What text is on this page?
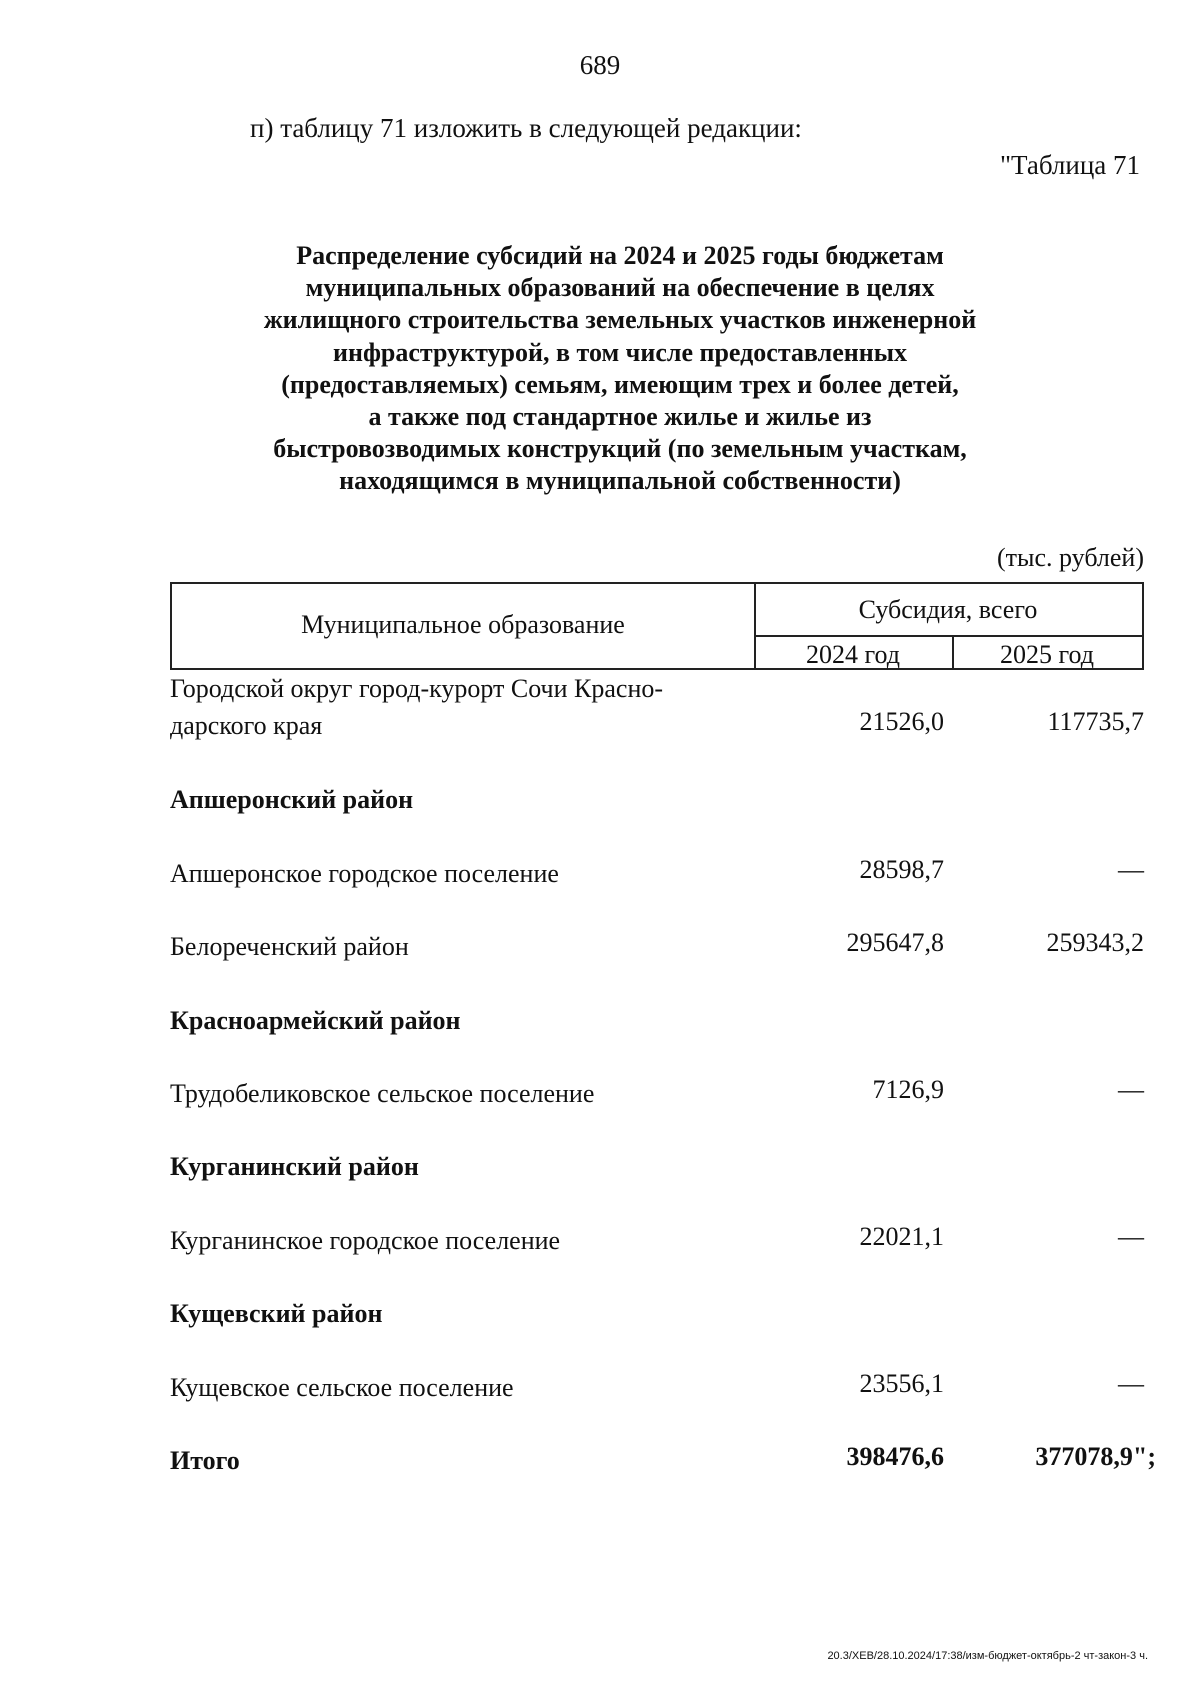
689
п) таблицу 71 изложить в следующей редакции:
"Таблица 71
Распределение субсидий на 2024 и 2025 годы бюджетам
муниципальных образований на обеспечение в целях
жилищного строительства земельных участков инженерной
инфраструктурой, в том числе предоставленных
(предоставляемых) семьям, имеющим трех и более детей,
а также под стандартное жилье и жилье из
быстровозводимых конструкций (по земельным участкам,
находящимся в муниципальной собственности)
(тыс. рублей)
Муниципальное образование
Субсидия, всего
2024 год	2025 год
Городской округ город-курорт Сочи Красно-
дарского края	21526,0	117735,7
Апшеронский район
Апшеронское городское поселение	28598,7	—
Белореченский район	295647,8	259343,2
Красноармейский район
Трудобеликовское сельское поселение	7126,9	—
Курганинский район
Курганинское городское поселение	22021,1	—
Кущевский район
Кущевское сельское поселение	23556,1	—
Итого	398476,6	377078,9";
20.3/ХЕВ/28.10.2024/17:38/изм-бюджет-октябрь-2 чт-закон-3 ч.
